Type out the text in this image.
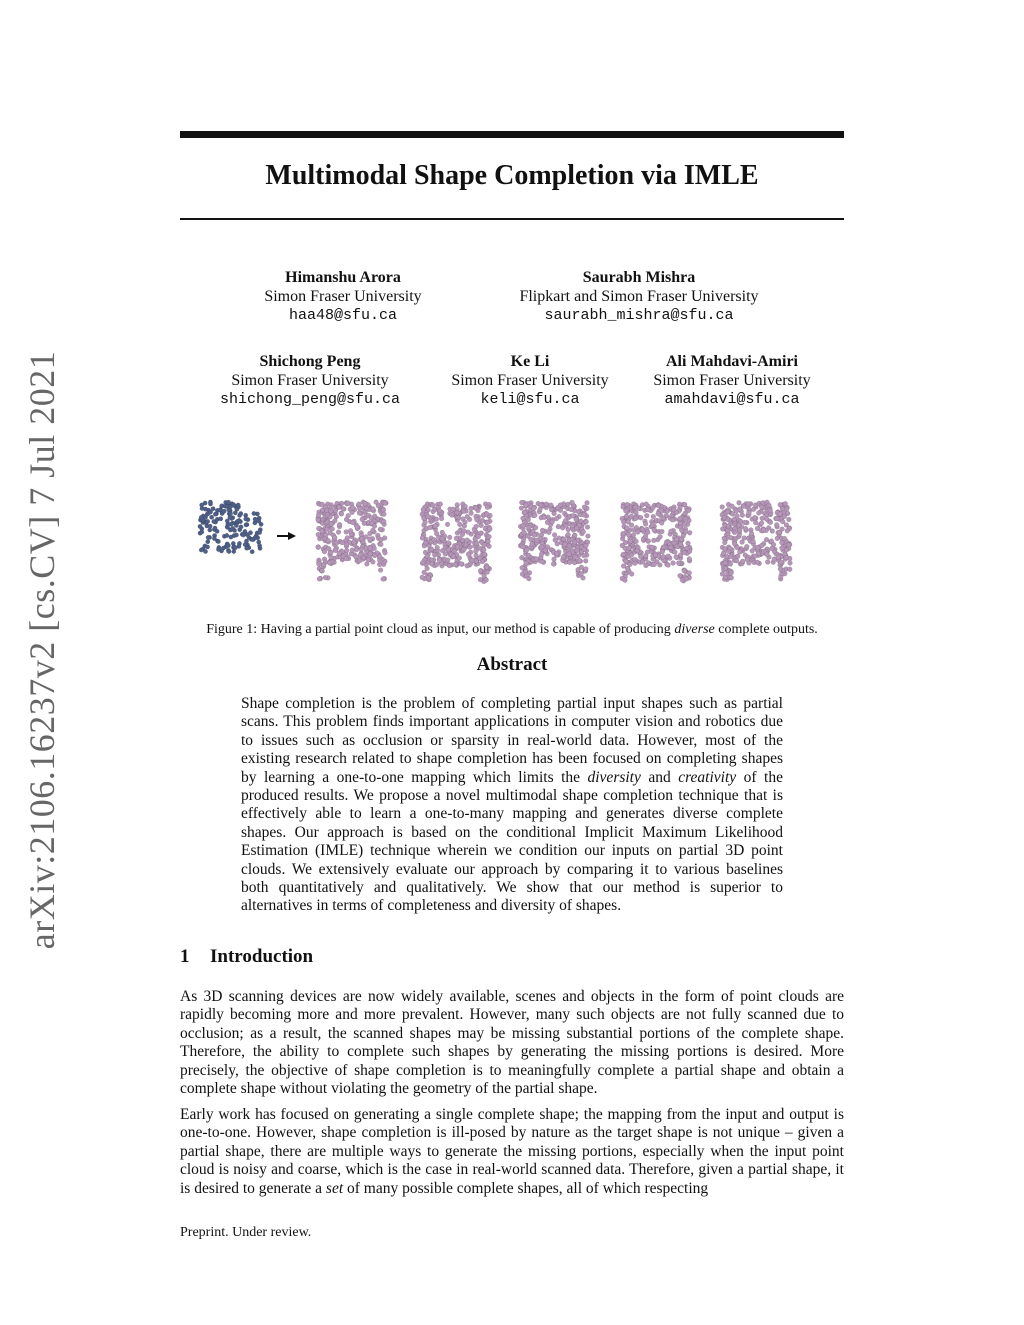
arXiv:2106.16237v2 [cs.CV] 7 Jul 2021
Multimodal Shape Completion via IMLE
Himanshu Arora
Simon Fraser University
haa48@sfu.ca
Saurabh Mishra
Flipkart and Simon Fraser University
saurabh_mishra@sfu.ca
Shichong Peng
Simon Fraser University
shichong_peng@sfu.ca
Ke Li
Simon Fraser University
keli@sfu.ca
Ali Mahdavi-Amiri
Simon Fraser University
amahdavi@sfu.ca
Figure 1: Having a partial point cloud as input, our method is capable of producing diverse complete outputs.
Abstract

Shape completion is the problem of completing partial input shapes such as partial scans. This problem finds important applications in computer vision and robotics due to issues such as occlusion or sparsity in real-world data. However, most of the existing research related to shape completion has been focused on completing shapes by learning a one-to-one mapping which limits the diversity and creativity of the produced results. We propose a novel multimodal shape completion technique that is effectively able to learn a one-to-many mapping and generates diverse complete shapes. Our approach is based on the conditional Implicit Maximum Likelihood Estimation (IMLE) technique wherein we condition our inputs on partial 3D point clouds. We extensively evaluate our approach by comparing it to various baselines both quantitatively and qualitatively. We show that our method is superior to alternatives in terms of completeness and diversity of shapes.

1 Introduction

As 3D scanning devices are now widely available, scenes and objects in the form of point clouds are rapidly becoming more and more prevalent. However, many such objects are not fully scanned due to occlusion; as a result, the scanned shapes may be missing substantial portions of the complete shape. Therefore, the ability to complete such shapes by generating the missing portions is desired. More precisely, the objective of shape completion is to meaningfully complete a partial shape and obtain a complete shape without violating the geometry of the partial shape.

Early work has focused on generating a single complete shape; the mapping from the input and output is one-to-one. However, shape completion is ill-posed by nature as the target shape is not unique – given a partial shape, there are multiple ways to generate the missing portions, especially when the input point cloud is noisy and coarse, which is the case in real-world scanned data. Therefore, given a partial shape, it is desired to generate a set of many possible complete shapes, all of which respecting

Preprint. Under review.
